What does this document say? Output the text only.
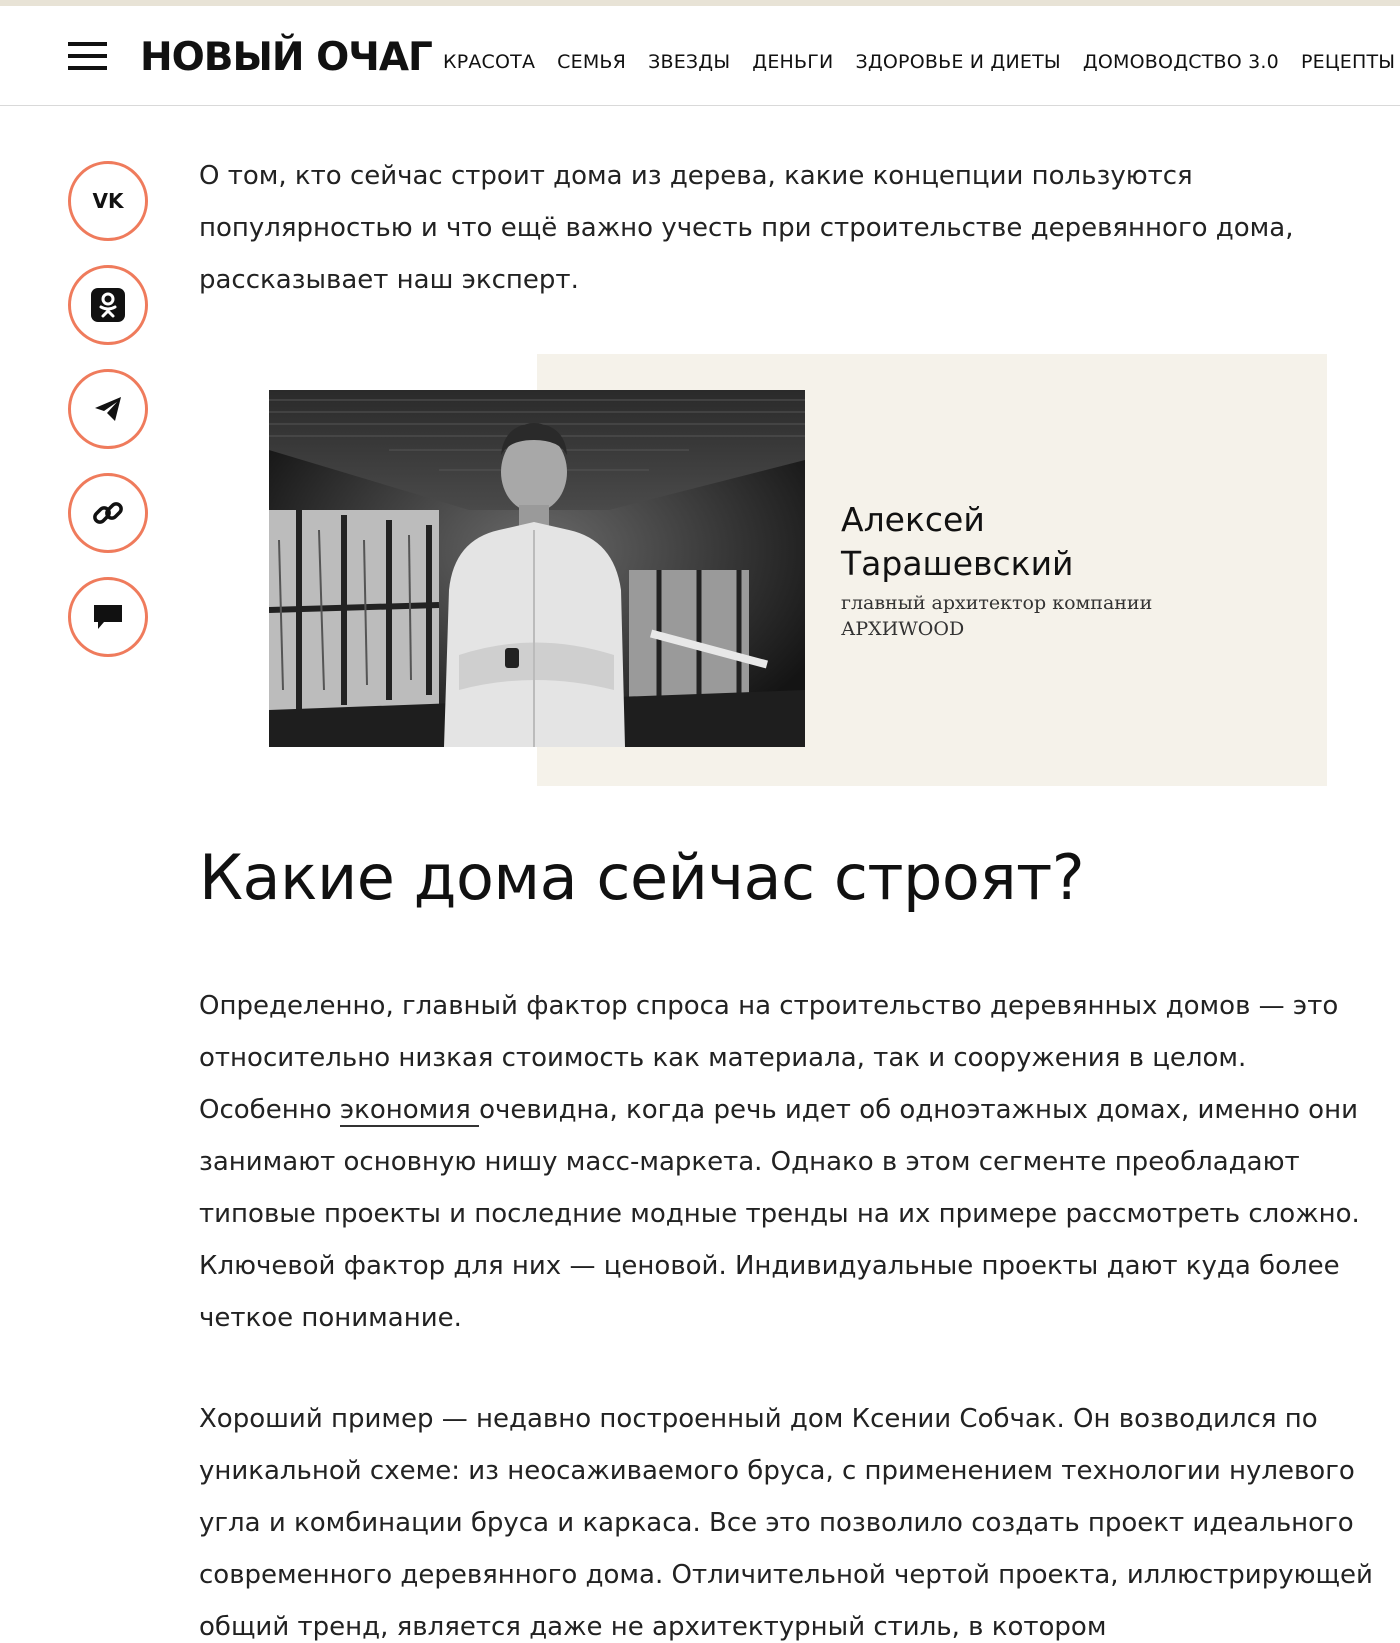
НОВЫЙ ОЧАГ КРАСОТА СЕМЬЯ ЗВЕЗДЫ ДЕНЬГИ ЗДОРОВЬЕ И ДИЕТЫ ДОМОВОДСТВО 3.0 РЕЦЕПТЫ
VK

О том, кто сейчас строит дома из дерева, какие концепции пользуются популярностью и что ещё важно учесть при строительстве деревянного дома, рассказывает наш эксперт.

Алексей
Тарашевский
главный архитектор компании
АРХИWOOD
Какие дома сейчас строят?

Определенно, главный фактор спроса на строительство деревянных домов — это относительно низкая стоимость как материала, так и сооружения в целом. Особенно экономия очевидна, когда речь идет об одноэтажных домах, именно они занимают основную нишу масс-маркета. Однако в этом сегменте преобладают типовые проекты и последние модные тренды на их примере рассмотреть сложно. Ключевой фактор для них — ценовой. Индивидуальные проекты дают куда более четкое понимание.

Хороший пример — недавно построенный дом Ксении Собчак. Он возводился по уникальной схеме: из неосаживаемого бруса, с применением технологии нулевого угла и комбинации бруса и каркаса. Все это позволило создать проект идеального современного деревянного дома. Отличительной чертой проекта, иллюстрирующей общий тренд, является даже не архитектурный стиль, в котором
